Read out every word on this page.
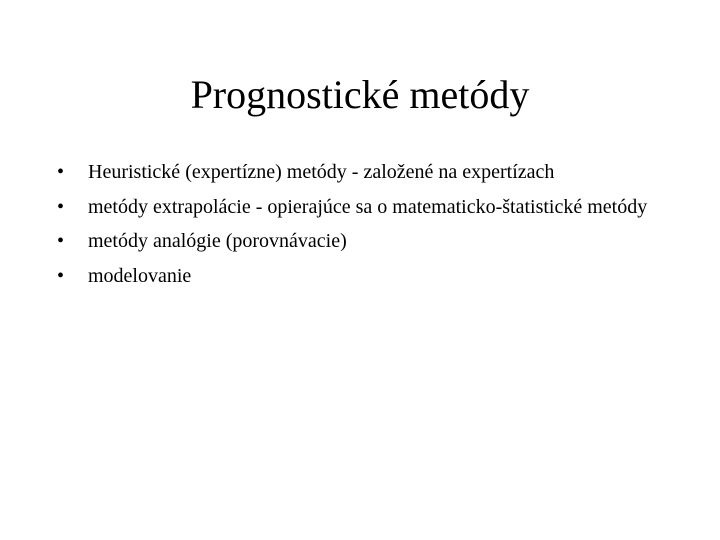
Prognostické metódy
• Heuristické (expertízne) metódy - založené na expertízach
• metódy extrapolácie - opierajúce sa o matematicko-štatistické metódy
• metódy analógie (porovnávacie)
• modelovanie
